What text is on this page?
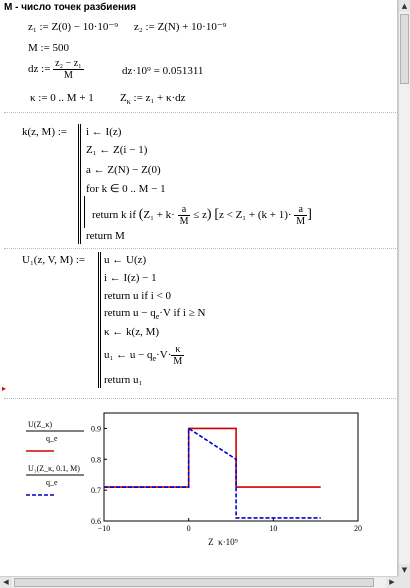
M - число точек разбиения
z₁ := Z(0) − 10·10⁻⁹ z₂ := Z(N) + 10·10⁻⁹
M := 500
dz := $\frac{\text{z₂ − z₁}}{M}$	dz·10⁹ = 0.051311
κ := 0 .. M + 1 $Z_\kappa$ := z₁ + κ·dz
k(z, M) := i ← I(z)
Z₁ ← Z(i − 1)
a ← Z(N) − Z(0)
for k ∈ 0 .. M − 1
return k if $(Z_1 + k\cdot \frac{a}{M} \le z)$ [$z < Z_1 + (k + 1)\cdot \frac{a}{M}$ ]
return M
U₁(z, V, M) := u ← U(z)
i ← I(z) − 1
return u if i < 0
return $u - q_e\cdot V$ if i ≥ N
κ ← k(z, M)
u₁ ← $u - q_e\cdot V\cdot \frac{\kappa}{M}$
return u₁
▸
−10	0	10	20
0.6
0.7
0.8
0.9
Z_κ·10⁹
U(Z_κ)
q_e
U₁(Z_κ, 0.1, M)
q_e
▲
▼
◀	▶
